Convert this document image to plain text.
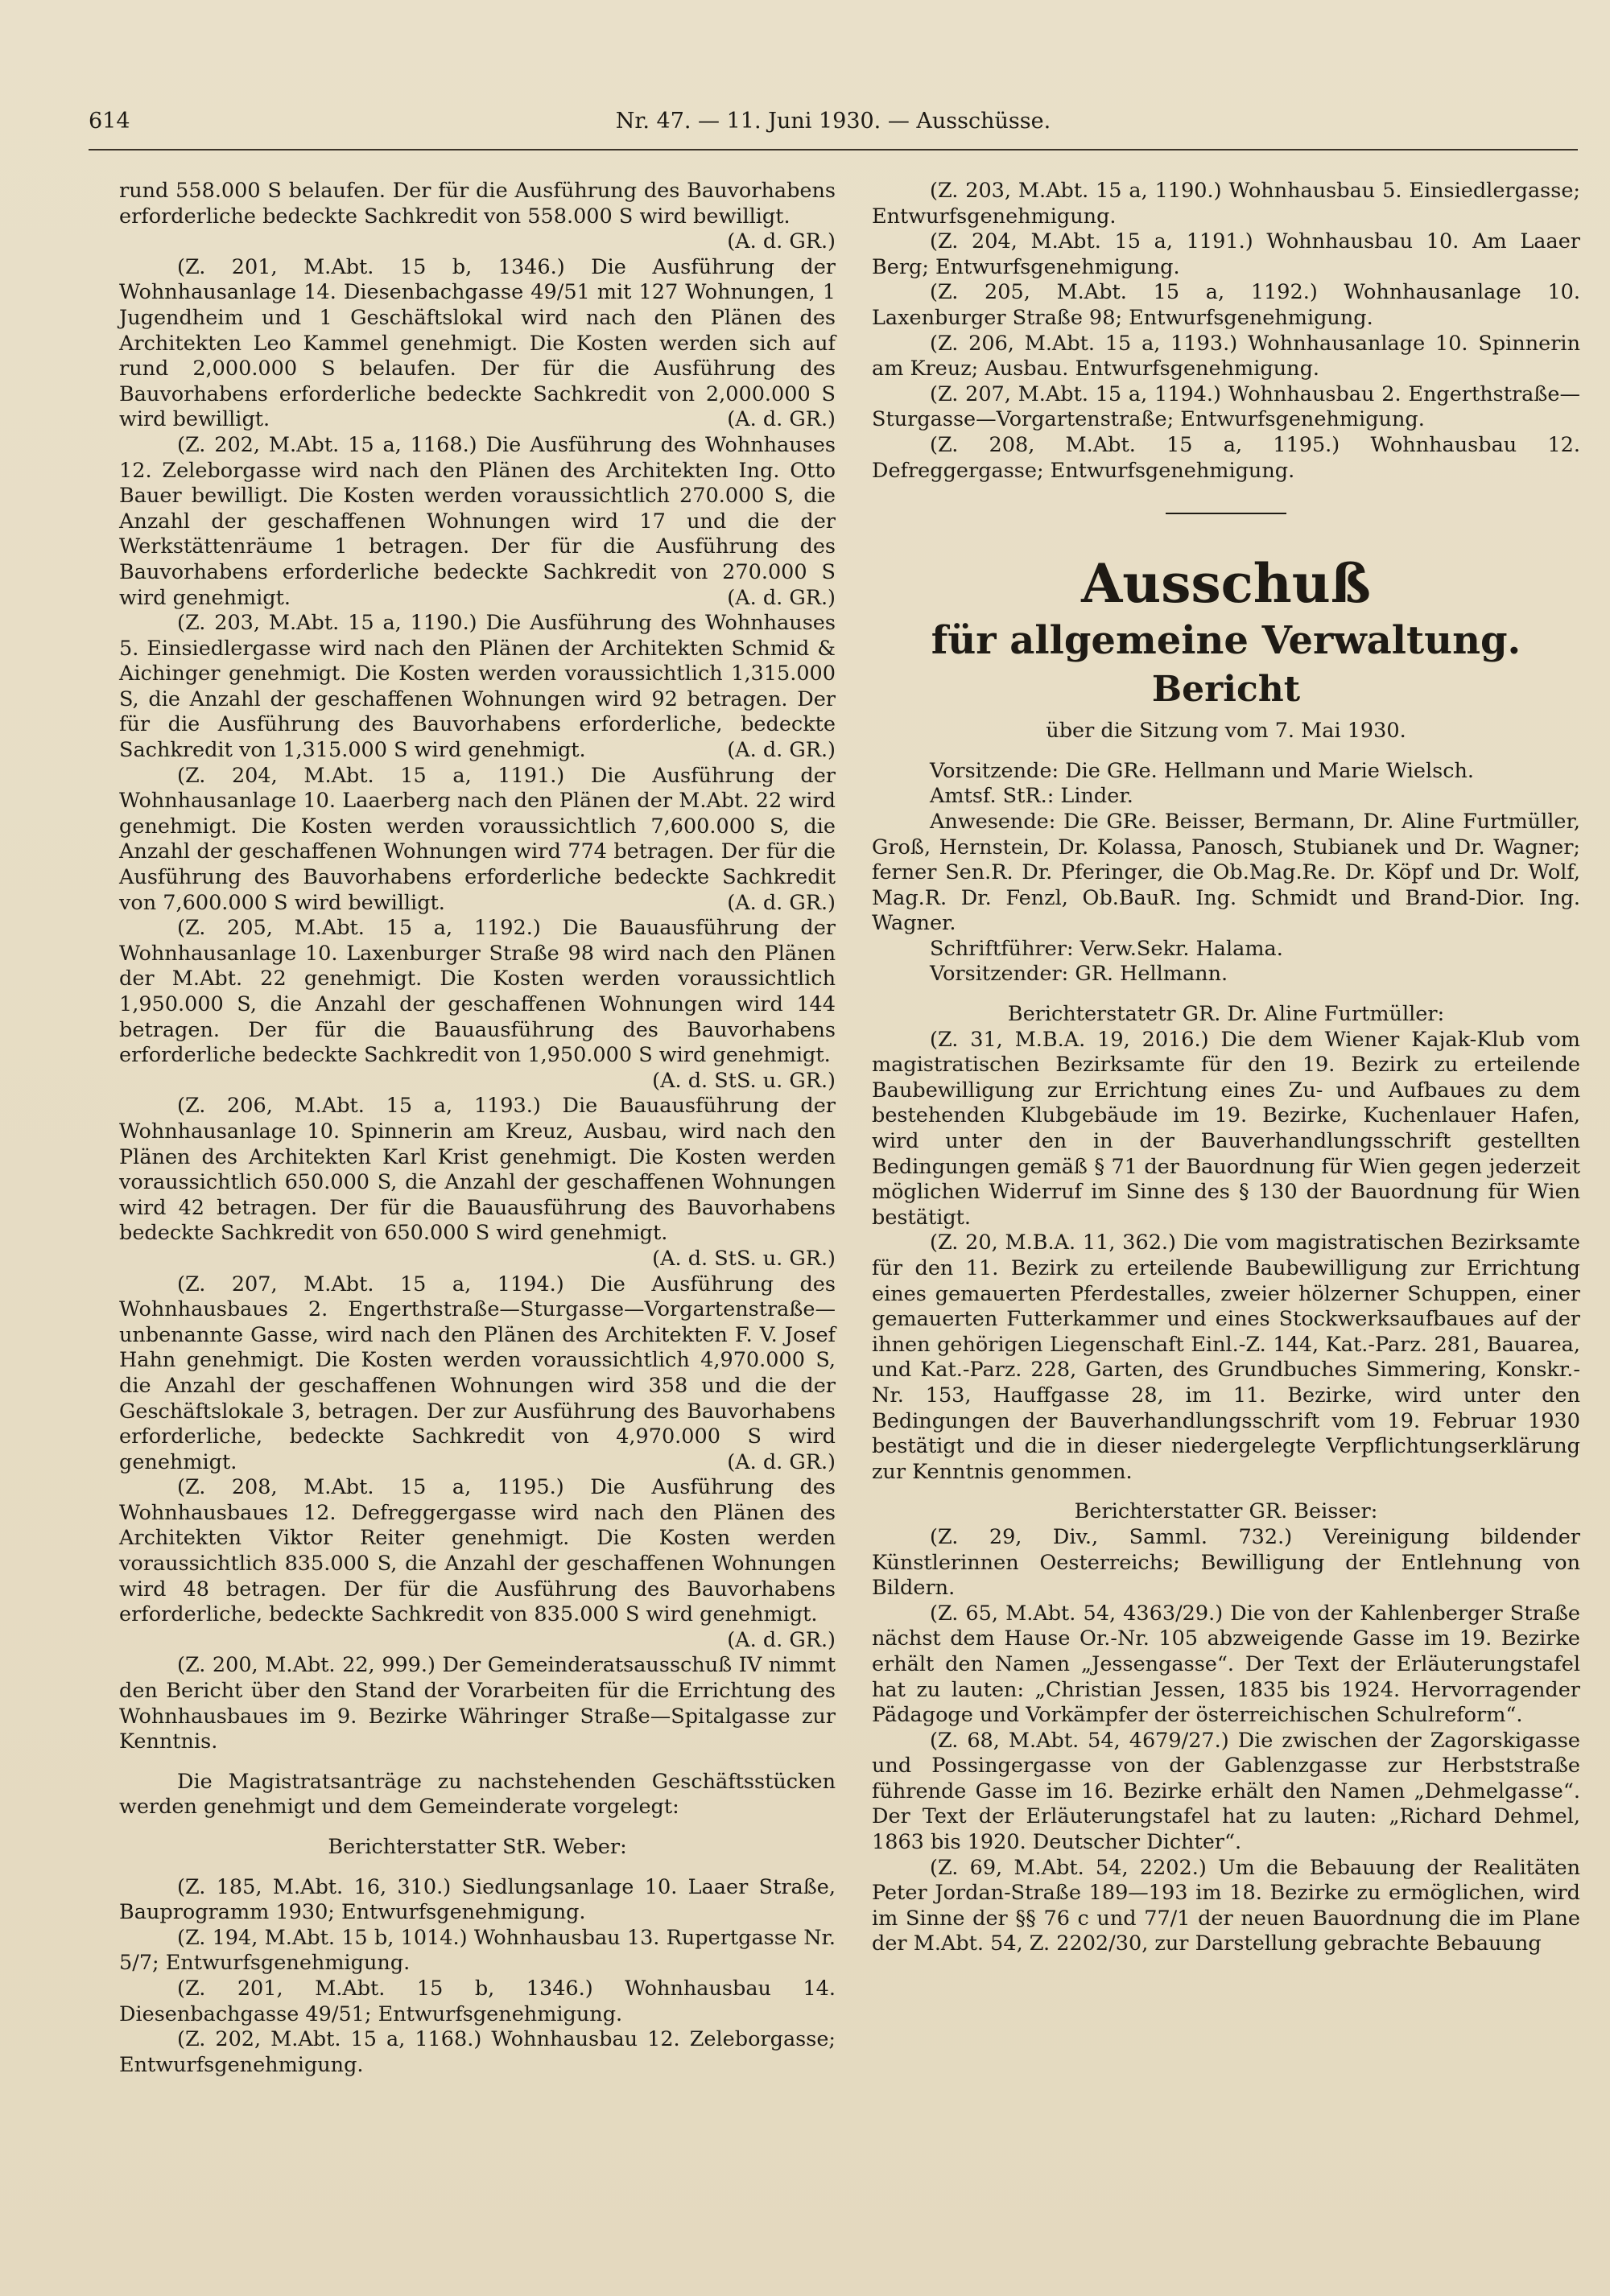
614	Nr. 47. — 11. Juni 1930. — Ausschüsse.

rund 558.000 S belaufen. Der für die Ausführung des Bauvorhabens erforderliche bedeckte Sachkredit von 558.000 S wird bewilligt.
(A. d. GR.)

(Z. 201, M.Abt. 15 b, 1346.) Die Ausführung der Wohnhausanlage 14. Diesenbachgasse 49/51 mit 127 Wohnungen, 1 Jugendheim und 1 Geschäftslokal wird nach den Plänen des Architekten Leo Kammel genehmigt. Die Kosten werden sich auf rund 2,000.000 S belaufen. Der für die Ausführung des Bauvorhabens erforderliche bedeckte Sachkredit von 2,000.000 S wird bewilligt.	(A. d. GR.)

(Z. 202, M.Abt. 15 a, 1168.) Die Ausführung des Wohnhauses 12. Zeleborgasse wird nach den Plänen des Architekten Ing. Otto Bauer bewilligt. Die Kosten werden voraussichtlich 270.000 S, die Anzahl der geschaffenen Wohnungen wird 17 und die der Werkstättenräume 1 betragen. Der für die Ausführung des Bauvorhabens erforderliche bedeckte Sachkredit von 270.000 S wird genehmigt.	(A. d. GR.)

(Z. 203, M.Abt. 15 a, 1190.) Die Ausführung des Wohnhauses 5. Einsiedlergasse wird nach den Plänen der Architekten Schmid & Aichinger genehmigt. Die Kosten werden voraussichtlich 1,315.000 S, die Anzahl der geschaffenen Wohnungen wird 92 betragen. Der für die Ausführung des Bauvorhabens erforderliche, bedeckte Sachkredit von 1,315.000 S wird genehmigt.	(A. d. GR.)

(Z. 204, M.Abt. 15 a, 1191.) Die Ausführung der Wohnhausanlage 10. Laaerberg nach den Plänen der M.Abt. 22 wird genehmigt. Die Kosten werden voraussichtlich 7,600.000 S, die Anzahl der geschaffenen Wohnungen wird 774 betragen. Der für die Ausführung des Bauvorhabens erforderliche bedeckte Sachkredit von 7,600.000 S wird bewilligt.	(A. d. GR.)

(Z. 205, M.Abt. 15 a, 1192.) Die Bauausführung der Wohnhausanlage 10. Laxenburger Straße 98 wird nach den Plänen der M.Abt. 22 genehmigt. Die Kosten werden voraussichtlich 1,950.000 S, die Anzahl der geschaffenen Wohnungen wird 144 betragen. Der für die Bauausführung des Bauvorhabens erforderliche bedeckte Sachkredit von 1,950.000 S wird genehmigt.
(A. d. StS. u. GR.)

(Z. 206, M.Abt. 15 a, 1193.) Die Bauausführung der Wohnhausanlage 10. Spinnerin am Kreuz, Ausbau, wird nach den Plänen des Architekten Karl Krist genehmigt. Die Kosten werden voraussichtlich 650.000 S, die Anzahl der geschaffenen Wohnungen wird 42 betragen. Der für die Bauausführung des Bauvorhabens bedeckte Sachkredit von 650.000 S wird genehmigt.
(A. d. StS. u. GR.)

(Z. 207, M.Abt. 15 a, 1194.) Die Ausführung des Wohnhausbaues 2. Engerthstraße—Sturgasse—Vorgartenstraße—unbenannte Gasse, wird nach den Plänen des Architekten F. V. Josef Hahn genehmigt. Die Kosten werden voraussichtlich 4,970.000 S, die Anzahl der geschaffenen Wohnungen wird 358 und die der Geschäftslokale 3, betragen. Der zur Ausführung des Bauvorhabens erforderliche, bedeckte Sachkredit von 4,970.000 S wird genehmigt.	(A. d. GR.)

(Z. 208, M.Abt. 15 a, 1195.) Die Ausführung des Wohnhausbaues 12. Defreggergasse wird nach den Plänen des Architekten Viktor Reiter genehmigt. Die Kosten werden voraussichtlich 835.000 S, die Anzahl der geschaffenen Wohnungen wird 48 betragen. Der für die Ausführung des Bauvorhabens erforderliche, bedeckte Sachkredit von 835.000 S wird genehmigt.
(A. d. GR.)

(Z. 200, M.Abt. 22, 999.) Der Gemeinderatsausschuß IV nimmt den Bericht über den Stand der Vorarbeiten für die Errichtung des Wohnhausbaues im 9. Bezirke Währinger Straße—Spitalgasse zur Kenntnis.

Die Magistratsanträge zu nachstehenden Geschäftsstücken werden genehmigt und dem Gemeinderate vorgelegt:

Berichterstatter StR. Weber:

(Z. 185, M.Abt. 16, 310.) Siedlungsanlage 10. Laaer Straße, Bauprogramm 1930; Entwurfsgenehmigung.

(Z. 194, M.Abt. 15 b, 1014.) Wohnhausbau 13. Rupertgasse Nr. 5/7; Entwurfsgenehmigung.

(Z. 201, M.Abt. 15 b, 1346.) Wohnhausbau 14. Diesenbachgasse 49/51; Entwurfsgenehmigung.

(Z. 202, M.Abt. 15 a, 1168.) Wohnhausbau 12. Zeleborgasse; Entwurfsgenehmigung.

(Z. 203, M.Abt. 15 a, 1190.) Wohnhausbau 5. Einsiedlergasse; Entwurfsgenehmigung.

(Z. 204, M.Abt. 15 a, 1191.) Wohnhausbau 10. Am Laaer Berg; Entwurfsgenehmigung.

(Z. 205, M.Abt. 15 a, 1192.) Wohnhausanlage 10. Laxenburger Straße 98; Entwurfsgenehmigung.

(Z. 206, M.Abt. 15 a, 1193.) Wohnhausanlage 10. Spinnerin am Kreuz; Ausbau. Entwurfsgenehmigung.

(Z. 207, M.Abt. 15 a, 1194.) Wohnhausbau 2. Engerthstraße—Sturgasse—Vorgartenstraße; Entwurfsgenehmigung.

(Z. 208, M.Abt. 15 a, 1195.) Wohnhausbau 12. Defreggergasse; Entwurfsgenehmigung.

Ausschuß
für allgemeine Verwaltung.
Bericht

über die Sitzung vom 7. Mai 1930.

Vorsitzende: Die GRe. Hellmann und Marie Wielsch.

Amtsf. StR.: Linder.

Anwesende: Die GRe. Beisser, Bermann, Dr. Aline Furtmüller, Groß, Hernstein, Dr. Kolassa, Panosch, Stubianek und Dr. Wagner; ferner Sen.R. Dr. Pferinger, die Ob.Mag.Re. Dr. Köpf und Dr. Wolf, Mag.R. Dr. Fenzl, Ob.BauR. Ing. Schmidt und Brand-Dior. Ing. Wagner.

Schriftführer: Verw.Sekr. Halama.

Vorsitzender: GR. Hellmann.

Berichterstatetr GR. Dr. Aline Furtmüller:

(Z. 31, M.B.A. 19, 2016.) Die dem Wiener Kajak-Klub vom magistratischen Bezirksamte für den 19. Bezirk zu erteilende Baubewilligung zur Errichtung eines Zu- und Aufbaues zu dem bestehenden Klubgebäude im 19. Bezirke, Kuchenlauer Hafen, wird unter den in der Bauverhandlungsschrift gestellten Bedingungen gemäß § 71 der Bauordnung für Wien gegen jederzeit möglichen Widerruf im Sinne des § 130 der Bauordnung für Wien bestätigt.

(Z. 20, M.B.A. 11, 362.) Die vom magistratischen Bezirksamte für den 11. Bezirk zu erteilende Baubewilligung zur Errichtung eines gemauerten Pferdestalles, zweier hölzerner Schuppen, einer gemauerten Futterkammer und eines Stockwerksaufbaues auf der ihnen gehörigen Liegenschaft Einl.-Z. 144, Kat.-Parz. 281, Bauarea, und Kat.-Parz. 228, Garten, des Grundbuches Simmering, Konskr.-Nr. 153, Hauffgasse 28, im 11. Bezirke, wird unter den Bedingungen der Bauverhandlungsschrift vom 19. Februar 1930 bestätigt und die in dieser niedergelegte Verpflichtungserklärung zur Kenntnis genommen.

Berichterstatter GR. Beisser:

(Z. 29, Div., Samml. 732.) Vereinigung bildender Künstlerinnen Oesterreichs; Bewilligung der Entlehnung von Bildern.

(Z. 65, M.Abt. 54, 4363/29.) Die von der Kahlenberger Straße nächst dem Hause Or.-Nr. 105 abzweigende Gasse im 19. Bezirke erhält den Namen „Jessengasse“. Der Text der Erläuterungstafel hat zu lauten: „Christian Jessen, 1835 bis 1924. Hervorragender Pädagoge und Vorkämpfer der österreichischen Schulreform“.

(Z. 68, M.Abt. 54, 4679/27.) Die zwischen der Zagorskigasse und Possingergasse von der Gablenzgasse zur Herbststraße führende Gasse im 16. Bezirke erhält den Namen „Dehmelgasse“. Der Text der Erläuterungstafel hat zu lauten: „Richard Dehmel, 1863 bis 1920. Deutscher Dichter“.

(Z. 69, M.Abt. 54, 2202.) Um die Bebauung der Realitäten Peter Jordan-Straße 189—193 im 18. Bezirke zu ermöglichen, wird im Sinne der §§ 76 c und 77/1 der neuen Bauordnung die im Plane der M.Abt. 54, Z. 2202/30, zur Darstellung gebrachte Bebauung
